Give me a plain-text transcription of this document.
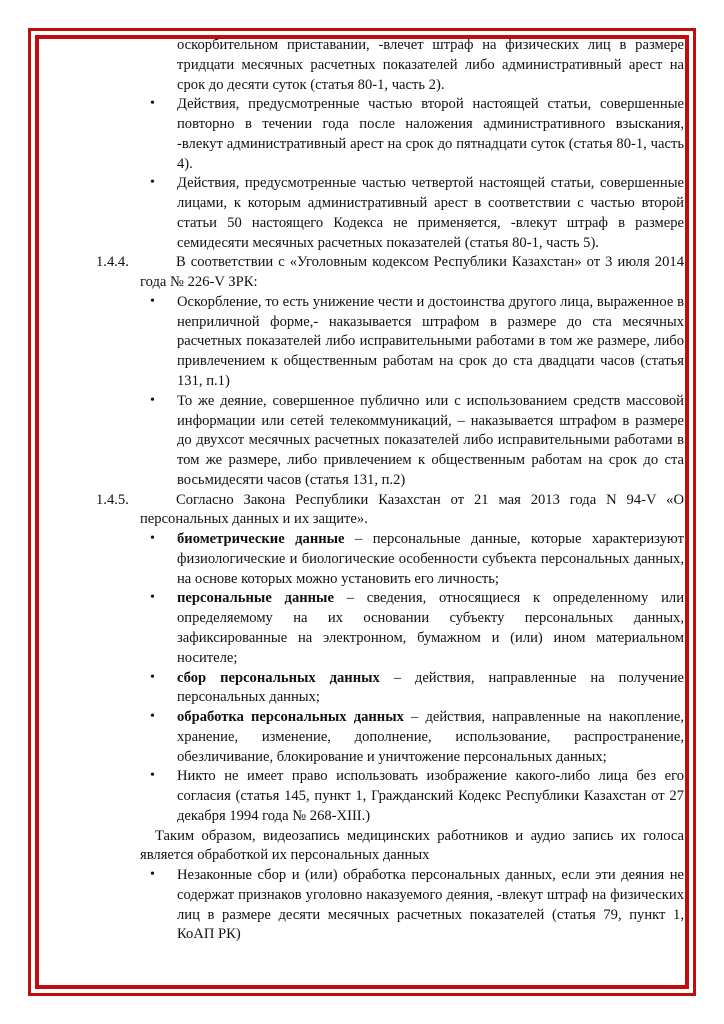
оскорбительном приставании, -влечет штраф на физических лиц в размере тридцати месячных расчетных показателей либо административный арест на срок до десяти суток (статья 80-1, часть 2).

• Действия, предусмотренные частью второй настоящей статьи, совершенные повторно в течении года после наложения административного взыскания, -влекут административный арест на срок до пятнадцати суток (статья 80-1, часть 4).
• Действия, предусмотренные частью четвертой настоящей статьи, совершенные лицами, к которым административный арест в соответствии с частью второй статьи 50 настоящего Кодекса не применяется, -влекут штраф в размере семидесяти месячных расчетных показателей (статья 80-1, часть 5).
1.4.4.	В соответствии с «Уголовным кодексом Республики Казахстан» от 3 июля 2014 года № 226-V ЗРК:
• Оскорбление, то есть унижение чести и достоинства другого лица, выраженное в неприличной форме,- наказывается штрафом в размере до ста месячных расчетных показателей либо исправительными работами в том же размере, либо привлечением к общественным работам на срок до ста двадцати часов (статья 131, п.1)
• То же деяние, совершенное публично или с использованием средств массовой информации или сетей телекоммуникаций, – наказывается штрафом в размере до двухсот месячных расчетных показателей либо исправительными работами в том же размере, либо привлечением к общественным работам на срок до ста восьмидесяти часов (статья 131, п.2)
1.4.5.	Согласно Закона Республики Казахстан от 21 мая 2013 года N 94-V «О персональных данных и их защите».
• биометрические данные – персональные данные, которые характеризуют физиологические и биологические особенности субъекта персональных данных, на основе которых можно установить его личность;
• персональные данные – сведения, относящиеся к определенному или определяемому на их основании субъекту персональных данных, зафиксированные на электронном, бумажном и (или) ином материальном носителе;
• сбор персональных данных – действия, направленные на получение персональных данных;
• обработка персональных данных – действия, направленные на накопление, хранение, изменение, дополнение, использование, распространение, обезличивание, блокирование и уничтожение персональных данных;
• Никто не имеет право использовать изображение какого-либо лица без его согласия (статья 145, пункт 1, Гражданский Кодекс Республики Казахстан от 27 декабря 1994 года № 268-XIII.)

Таким образом, видеозапись медицинских работников и аудио запись их голоса является обработкой их персональных данных

• Незаконные сбор и (или) обработка персональных данных, если эти деяния не содержат признаков уголовно наказуемого деяния, -влекут штраф на физических лиц в размере десяти месячных расчетных показателей (статья 79, пункт 1, КоАП РК)
